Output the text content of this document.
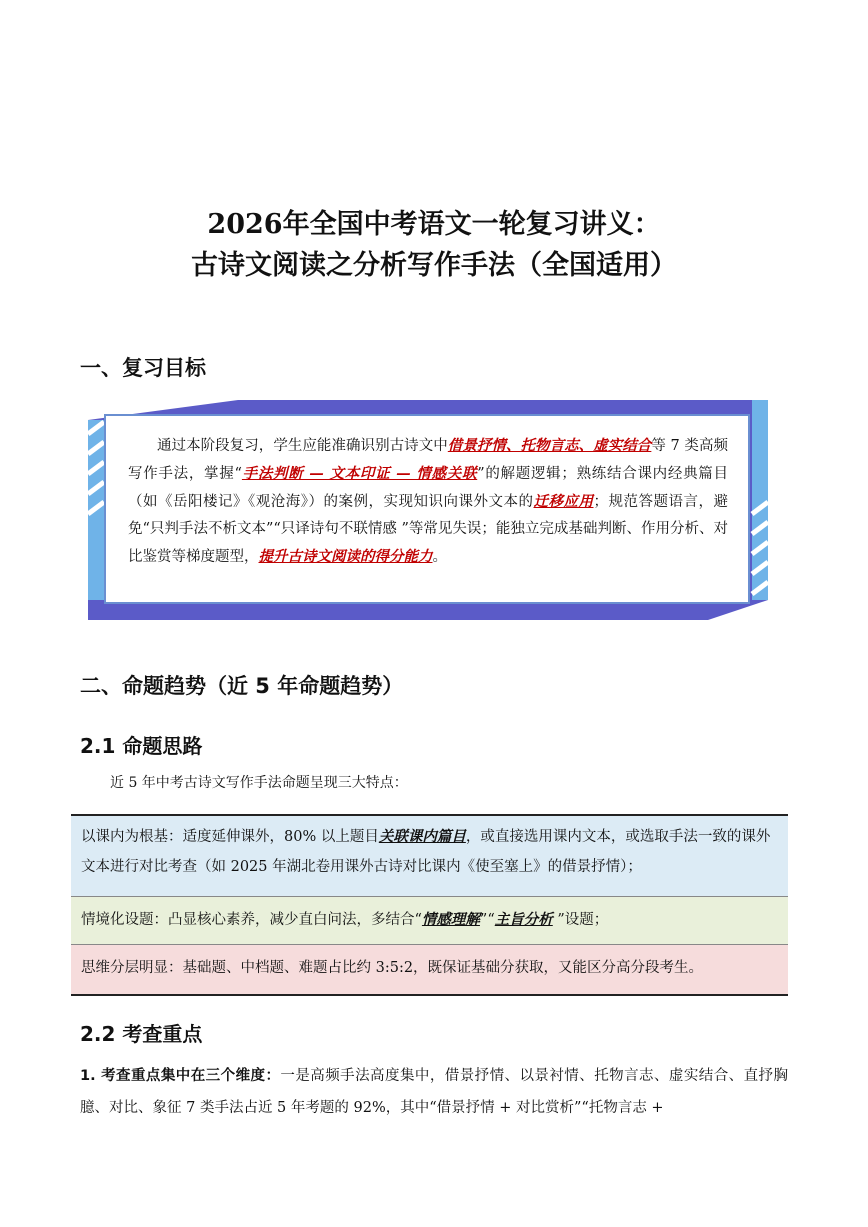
2026年全国中考语文一轮复习讲义：
古诗文阅读之分析写作手法（全国适用）
一、复习目标
通过本阶段复习，学生应能准确识别古诗文中借景抒情、托物言志、虚实结合等 7 类高频写作手法，掌握“手法判断 — 文本印证 — 情感关联”的解题逻辑；熟练结合课内经典篇目（如《岳阳楼记》《观沧海》）的案例，实现知识向课外文本的迁移应用；规范答题语言，避免“只判手法不析文本”“只译诗句不联情感 ”等常见失误；能独立完成基础判断、作用分析、对比鉴赏等梯度题型，提升古诗文阅读的得分能力。
二、命题趋势（近 5 年命题趋势）
2.1 命题思路
近 5 年中考古诗文写作手法命题呈现三大特点：
以课内为根基：适度延伸课外，80% 以上题目关联课内篇目，或直接选用课内文本，或选取手法一致的课外文本进行对比考查（如 2025 年湖北卷用课外古诗对比课内《使至塞上》的借景抒情）；
情境化设题：凸显核心素养，减少直白问法，多结合“情感理解”“主旨分析 ”设题；
思维分层明显：基础题、中档题、难题占比约 3:5:2，既保证基础分获取，又能区分高分段考生。
2.2 考查重点
1. 考查重点集中在三个维度：一是高频手法高度集中，借景抒情、以景衬情、托物言志、虚实结合、直抒胸臆、对比、象征 7 类手法占近 5 年考题的 92%，其中“借景抒情 + 对比赏析”“托物言志 +
